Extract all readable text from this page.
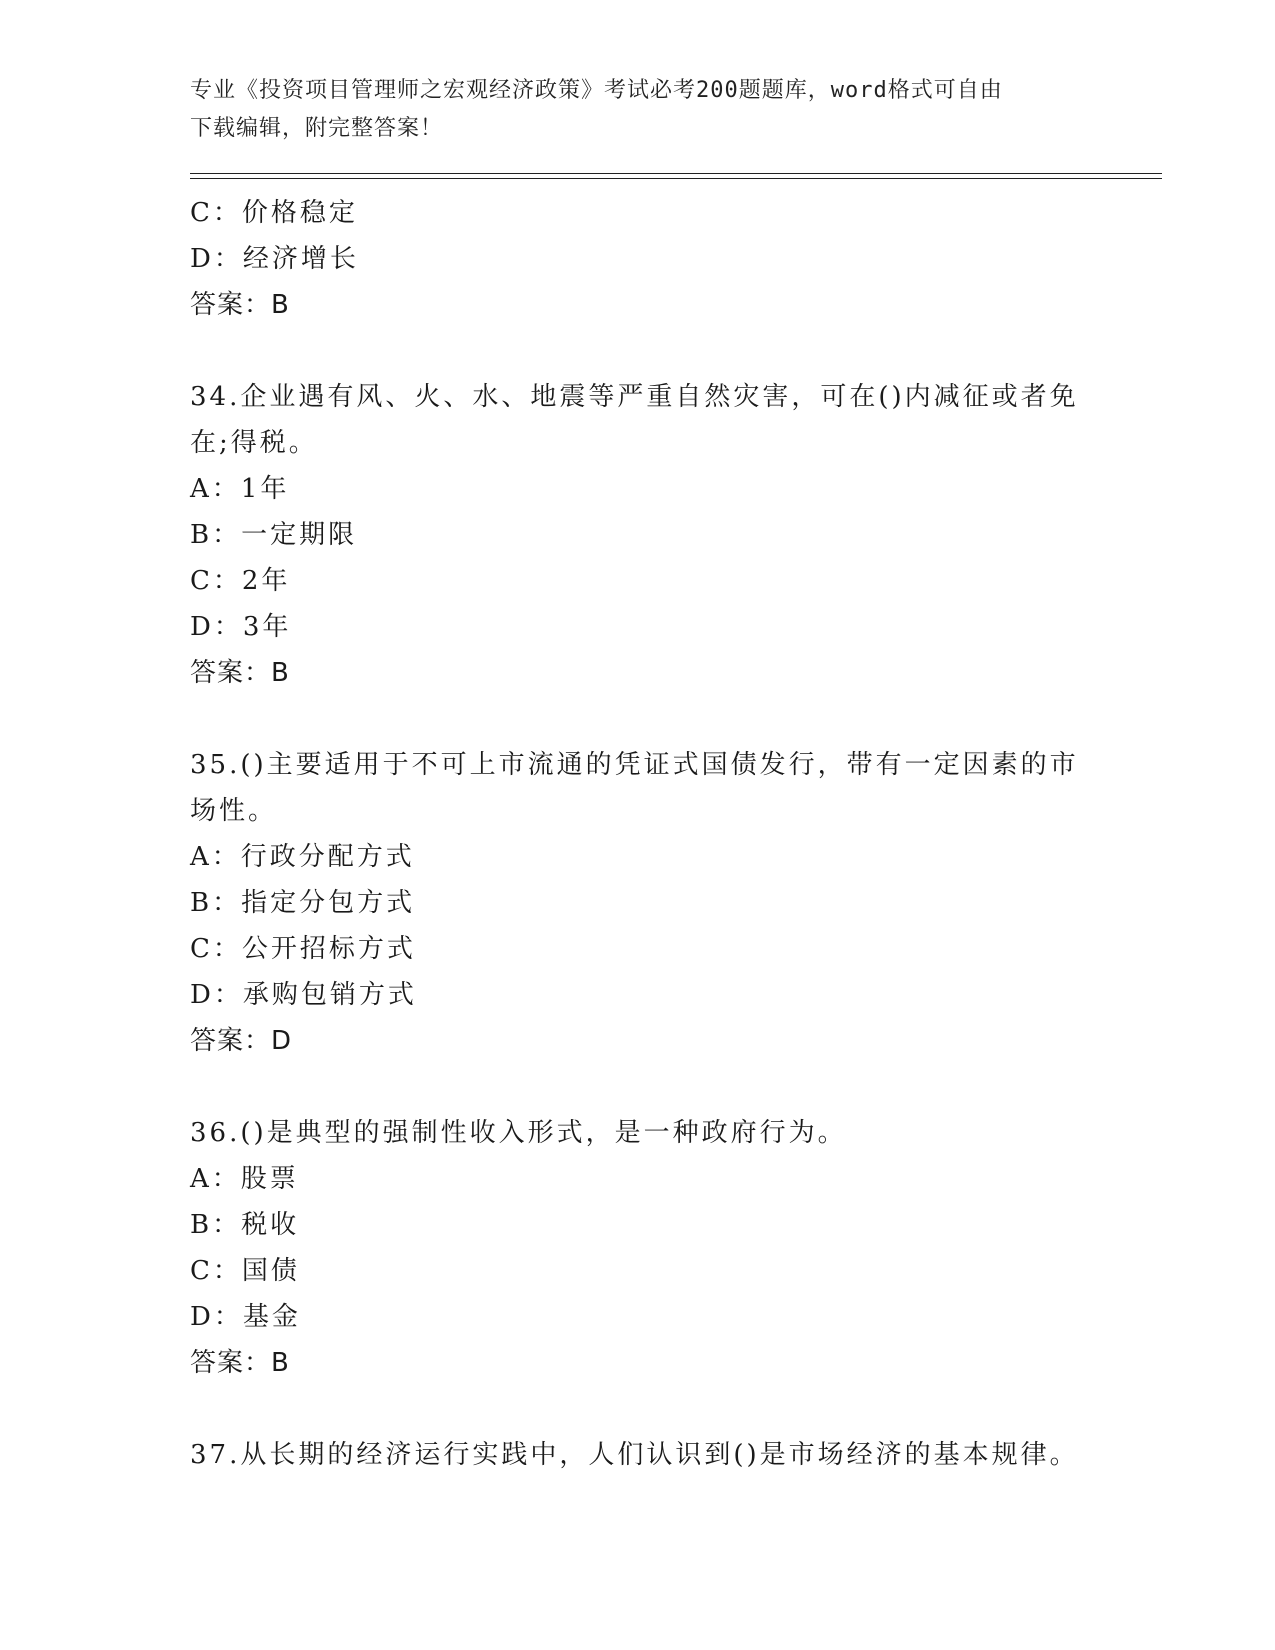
专业《投资项目管理师之宏观经济政策》考试必考200题题库，word格式可自由
下载编辑，附完整答案！
C：价格稳定
D：经济增长
答案：B
34.企业遇有风、火、水、地震等严重自然灾害，可在()内减征或者免
在;得税。
A：1年
B：一定期限
C：2年
D：3年
答案：B
35.()主要适用于不可上市流通的凭证式国债发行，带有一定因素的市
场性。
A：行政分配方式
B：指定分包方式
C：公开招标方式
D：承购包销方式
答案：D
36.()是典型的强制性收入形式，是一种政府行为。
A：股票
B：税收
C：国债
D：基金
答案：B
37.从长期的经济运行实践中，人们认识到()是市场经济的基本规律。
